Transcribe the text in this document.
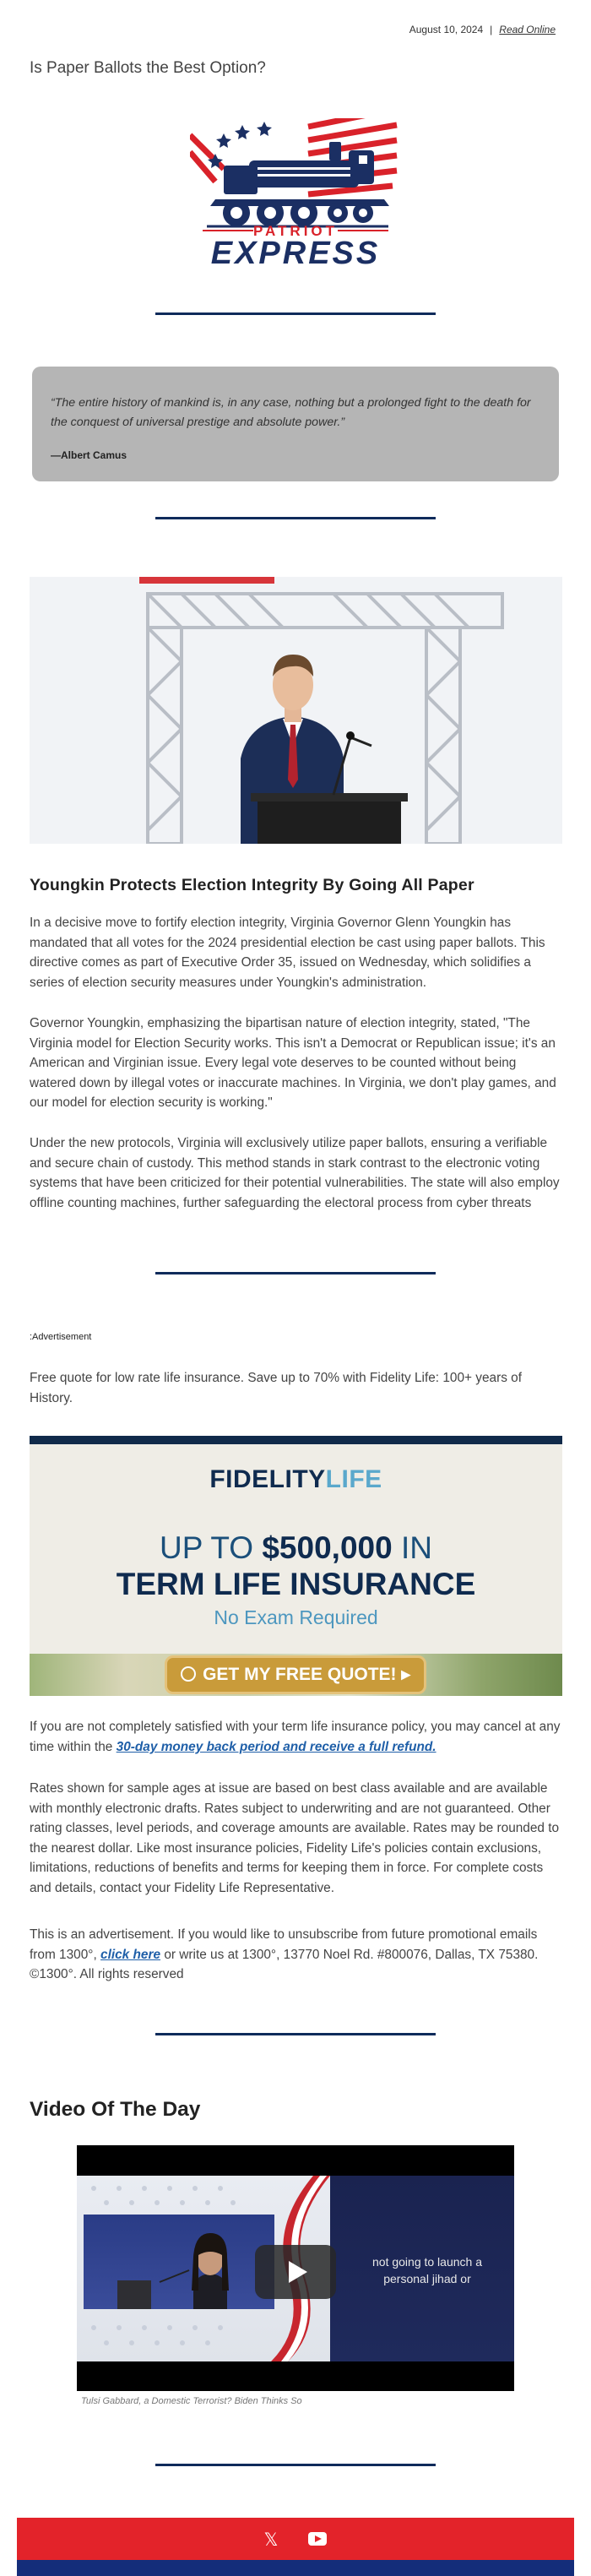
August 10, 2024 | Read Online
Is Paper Ballots the Best Option?
PATRIOT
EXPRESS

“The entire history of mankind is, in any case, nothing but a prolonged fight to the death for the conquest of universal prestige and absolute power.”

—Albert Camus

Youngkin Protects Election Integrity By Going All Paper

In a decisive move to fortify election integrity, Virginia Governor Glenn Youngkin has mandated that all votes for the 2024 presidential election be cast using paper ballots. This directive comes as part of Executive Order 35, issued on Wednesday, which solidifies a series of election security measures under Youngkin's administration.

Governor Youngkin, emphasizing the bipartisan nature of election integrity, stated, "The Virginia model for Election Security works. This isn't a Democrat or Republican issue; it's an American and Virginian issue. Every legal vote deserves to be counted without being watered down by illegal votes or inaccurate machines. In Virginia, we don't play games, and our model for election security is working."

Under the new protocols, Virginia will exclusively utilize paper ballots, ensuring a verifiable and secure chain of custody. This method stands in stark contrast to the electronic voting systems that have been criticized for their potential vulnerabilities. The state will also employ offline counting machines, further safeguarding the electoral process from cyber threats

:Advertisement

Free quote for low rate life insurance. Save up to 70% with Fidelity Life: 100+ years of History.

FIDELITYLIFE
UP TO $500,000 IN
TERM LIFE INSURANCE
No Exam Required
GET MY FREE QUOTE! ▸

If you are not completely satisfied with your term life insurance policy, you may cancel at any time within the 30-day money back period and receive a full refund.

Rates shown for sample ages at issue are based on best class available and are available with monthly electronic drafts. Rates subject to underwriting and are not guaranteed. Other rating classes, level periods, and coverage amounts are available. Rates may be rounded to the nearest dollar. Like most insurance policies, Fidelity Life's policies contain exclusions, limitations, reductions of benefits and terms for keeping them in force. For complete costs and details, contact your Fidelity Life Representative.

This is an advertisement. If you would like to unsubscribe from future promotional emails from 1300°, click here or write us at 1300°, 13770 Noel Rd. #800076, Dallas, TX 75380. ©1300°. All rights reserved

Video Of The Day
not going to launch a personal jihad or
Tulsi Gabbard, a Domestic Terrorist? Biden Thinks So
𝕏
